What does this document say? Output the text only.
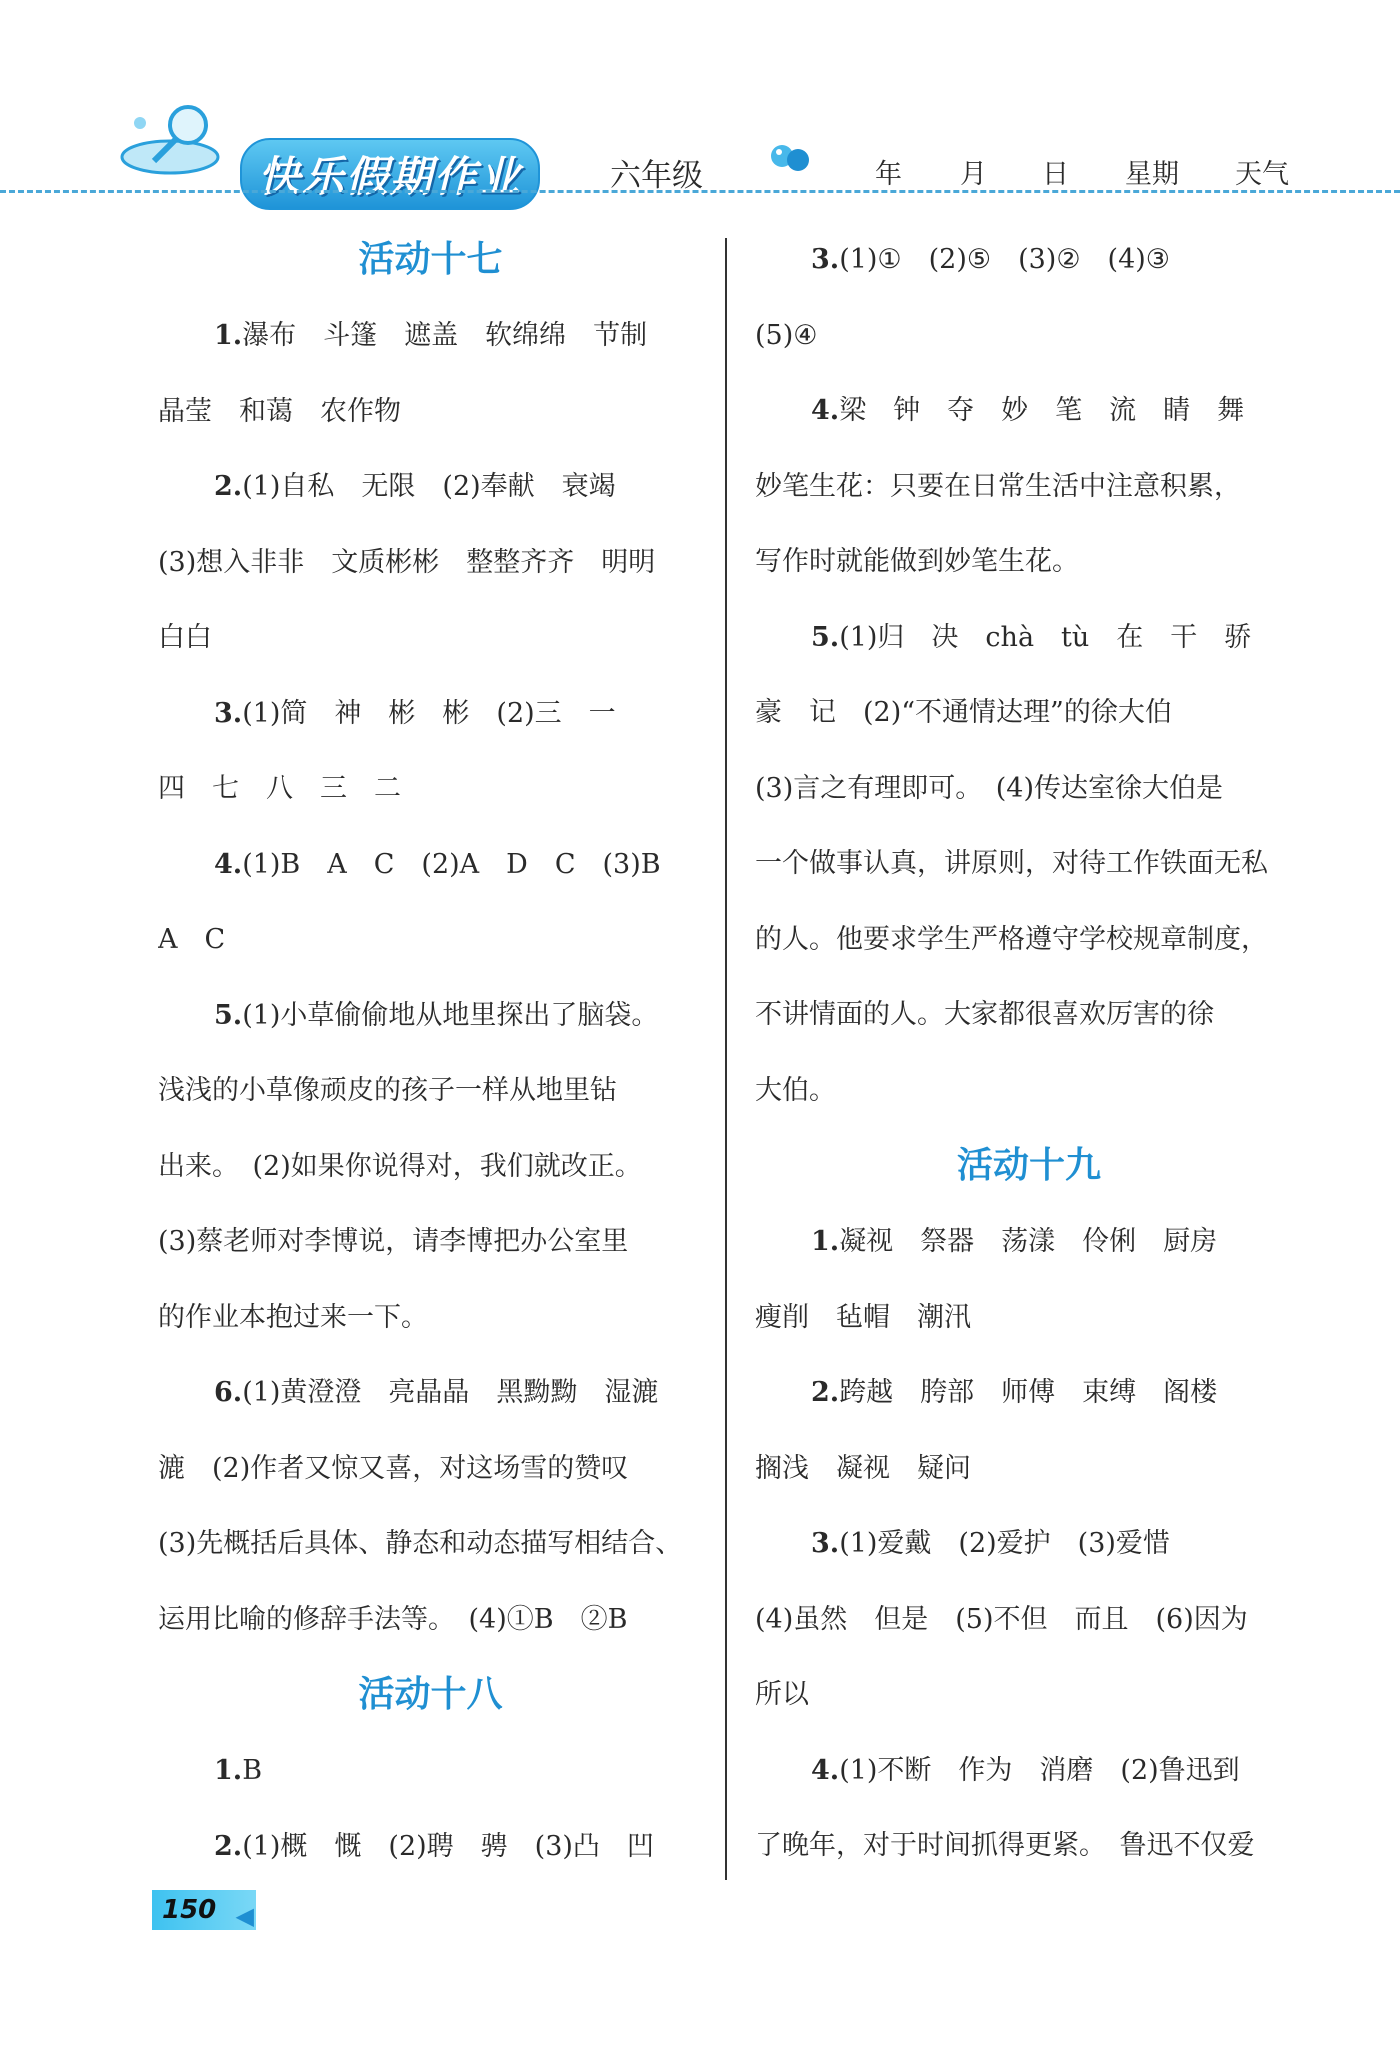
快乐假期作业	六年级	年 月 日 星期 天气
活动十七
1.瀑布　斗篷　遮盖　软绵绵　节制
晶莹　和蔼　农作物
2.(1)自私　无限　(2)奉献　衰竭
(3)想入非非　文质彬彬　整整齐齐　明明
白白
3.(1)简　神　彬　彬　(2)三　一
四　七　八　三　二
4.(1)B　A　C　(2)A　D　C　(3)B
A　C
5.(1)小草偷偷地从地里探出了脑袋。
浅浅的小草像顽皮的孩子一样从地里钻
出来。　(2)如果你说得对，我们就改正。
(3)蔡老师对李博说，请李博把办公室里
的作业本抱过来一下。
6.(1)黄澄澄　亮晶晶　黑黝黝　湿漉
漉　(2)作者又惊又喜，对这场雪的赞叹
(3)先概括后具体、静态和动态描写相结合、
运用比喻的修辞手法等。　(4)①B　②B
活动十八
1.B
2.(1)概　慨　(2)聘　骋　(3)凸　凹
3.(1)①　(2)⑤　(3)②　(4)③
(5)④
4.梁　钟　夺　妙　笔　流　睛　舞
妙笔生花：只要在日常生活中注意积累，
写作时就能做到妙笔生花。
5.(1)归　决　chà　tù　在　干　骄
豪　记　(2)“不通情达理”的徐大伯
(3)言之有理即可。　(4)传达室徐大伯是
一个做事认真，讲原则，对待工作铁面无私
的人。他要求学生严格遵守学校规章制度，
不讲情面的人。大家都很喜欢厉害的徐
大伯。
活动十九
1.凝视　祭器　荡漾　伶俐　厨房
瘦削　毡帽　潮汛
2.跨越　胯部　师傅　束缚　阁楼
搁浅　凝视　疑问
3.(1)爱戴　(2)爱护　(3)爱惜
(4)虽然　但是　(5)不但　而且　(6)因为
所以
4.(1)不断　作为　消磨　(2)鲁迅到
了晚年，对于时间抓得更紧。　鲁迅不仅爱
150 ◀
